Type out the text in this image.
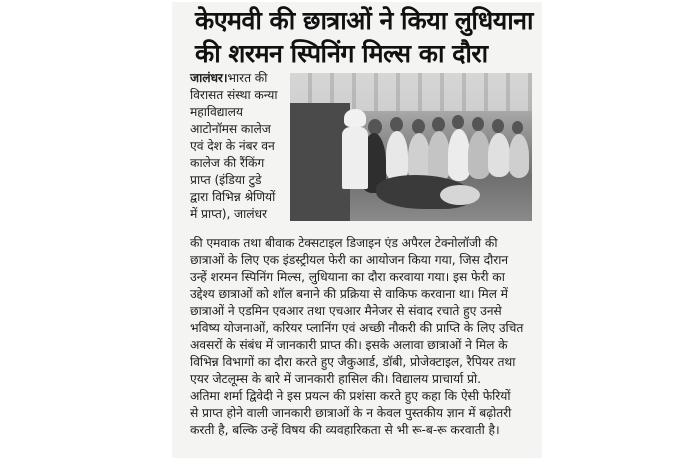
केएमवी की छात्राओं ने किया लुधियाना
की शरमन स्पिनिंग मिल्स का दौरा
जालंधर।भारत की
विरासत संस्था कन्या
महाविद्यालय
आटोनॉमस कालेज
एवं देश के नंबर वन
कालेज की रैंकिंग
प्राप्त (इंडिया टुडे
द्वारा विभिन्न श्रेणियों
में प्राप्त), जालंधर
की एमवाक तथा बीवाक टेक्सटाइल डिजाइन एंड अपैरल टेक्नोलॉजी की
छात्राओं के लिए एक इंडस्ट्रीयल फेरी का आयोजन किया गया, जिस दौरान
उन्हें शरमन स्पिनिंग मिल्स, लुधियाना का दौरा करवाया गया। इस फेरी का
उद्देश्य छात्राओं को शॉल बनाने की प्रक्रिया से वाकिफ करवाना था। मिल में
छात्राओं ने एडमिन एवआर तथा एचआर मैनेजर से संवाद रचाते हुए उनसे
भविष्य योजनाओं, करियर प्लानिंग एवं अच्छी नौकरी की प्राप्ति के लिए उचित
अवसरों के संबंध में जानकारी प्राप्त की। इसके अलावा छात्राओं ने मिल के
विभिन्न विभागों का दौरा करते हुए जैकुआर्ड, डॉबी, प्रोजेक्टाइल, रैपियर तथा
एयर जेटलूम्स के बारे में जानकारी हासिल की। विद्यालय प्राचार्या प्रो.
अतिमा शर्मा द्विवेदी ने इस प्रयत्न की प्रशंसा करते हुए कहा कि ऐसी फेरियों
से प्राप्त होने वाली जानकारी छात्राओं के न केवल पुस्तकीय ज्ञान में बढ़ोतरी
करती है, बल्कि उन्हें विषय की व्यवहारिकता से भी रू-ब-रू करवाती है।
